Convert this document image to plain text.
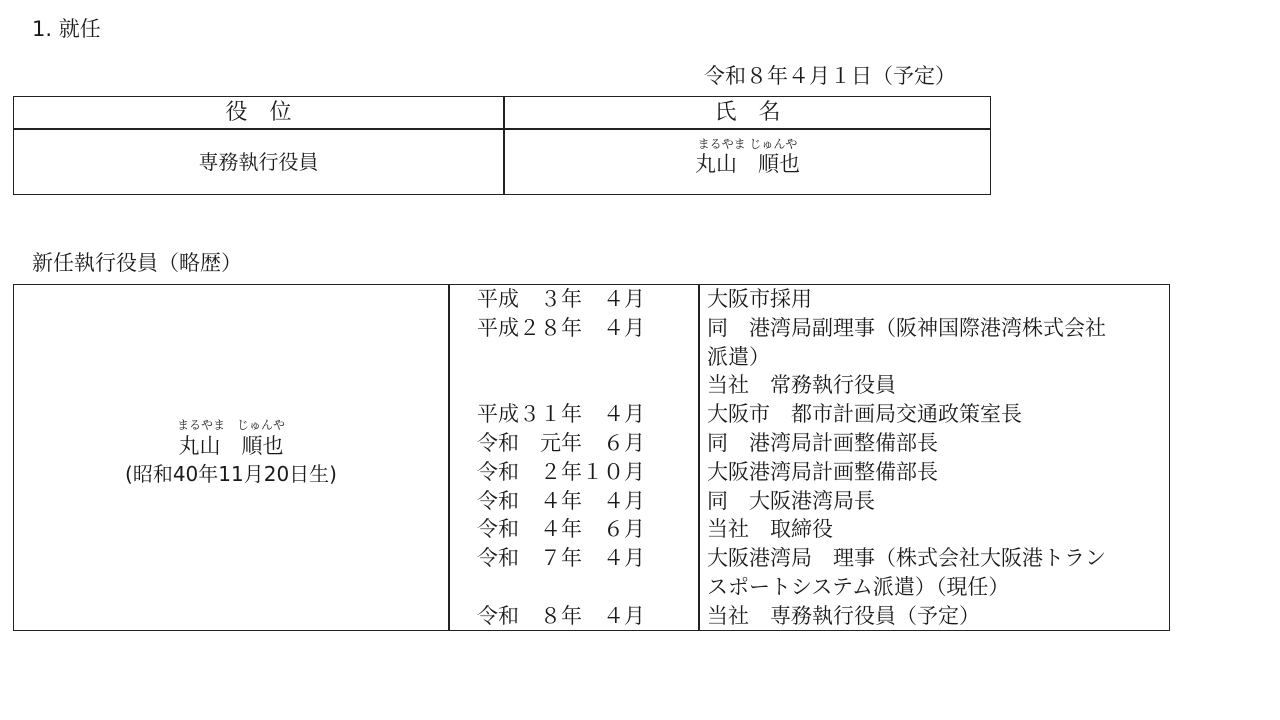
1. 就任
令和８年４月１日（予定）
役位	氏名
専務執行役員
まるやま じゅんや
丸山　順也
新任執行役員（略歴）
まるやま　じゅんや
丸山　順也
(昭和40年11月20日生)
平成　３年　４月	大阪市採用
平成２８年　４月	同　港湾局副理事（阪神国際港湾株式会社
派遣）
当社　常務執行役員
平成３１年　４月	大阪市　都市計画局交通政策室長
令和　元年　６月	同　港湾局計画整備部長
令和　２年１０月	大阪港湾局計画整備部長
令和　４年　４月	同　大阪港湾局長
令和　４年　６月	当社　取締役
令和　７年　４月	大阪港湾局　理事（株式会社大阪港トラン
スポートシステム派遣）（現任）
令和　８年　４月	当社　専務執行役員（予定）
